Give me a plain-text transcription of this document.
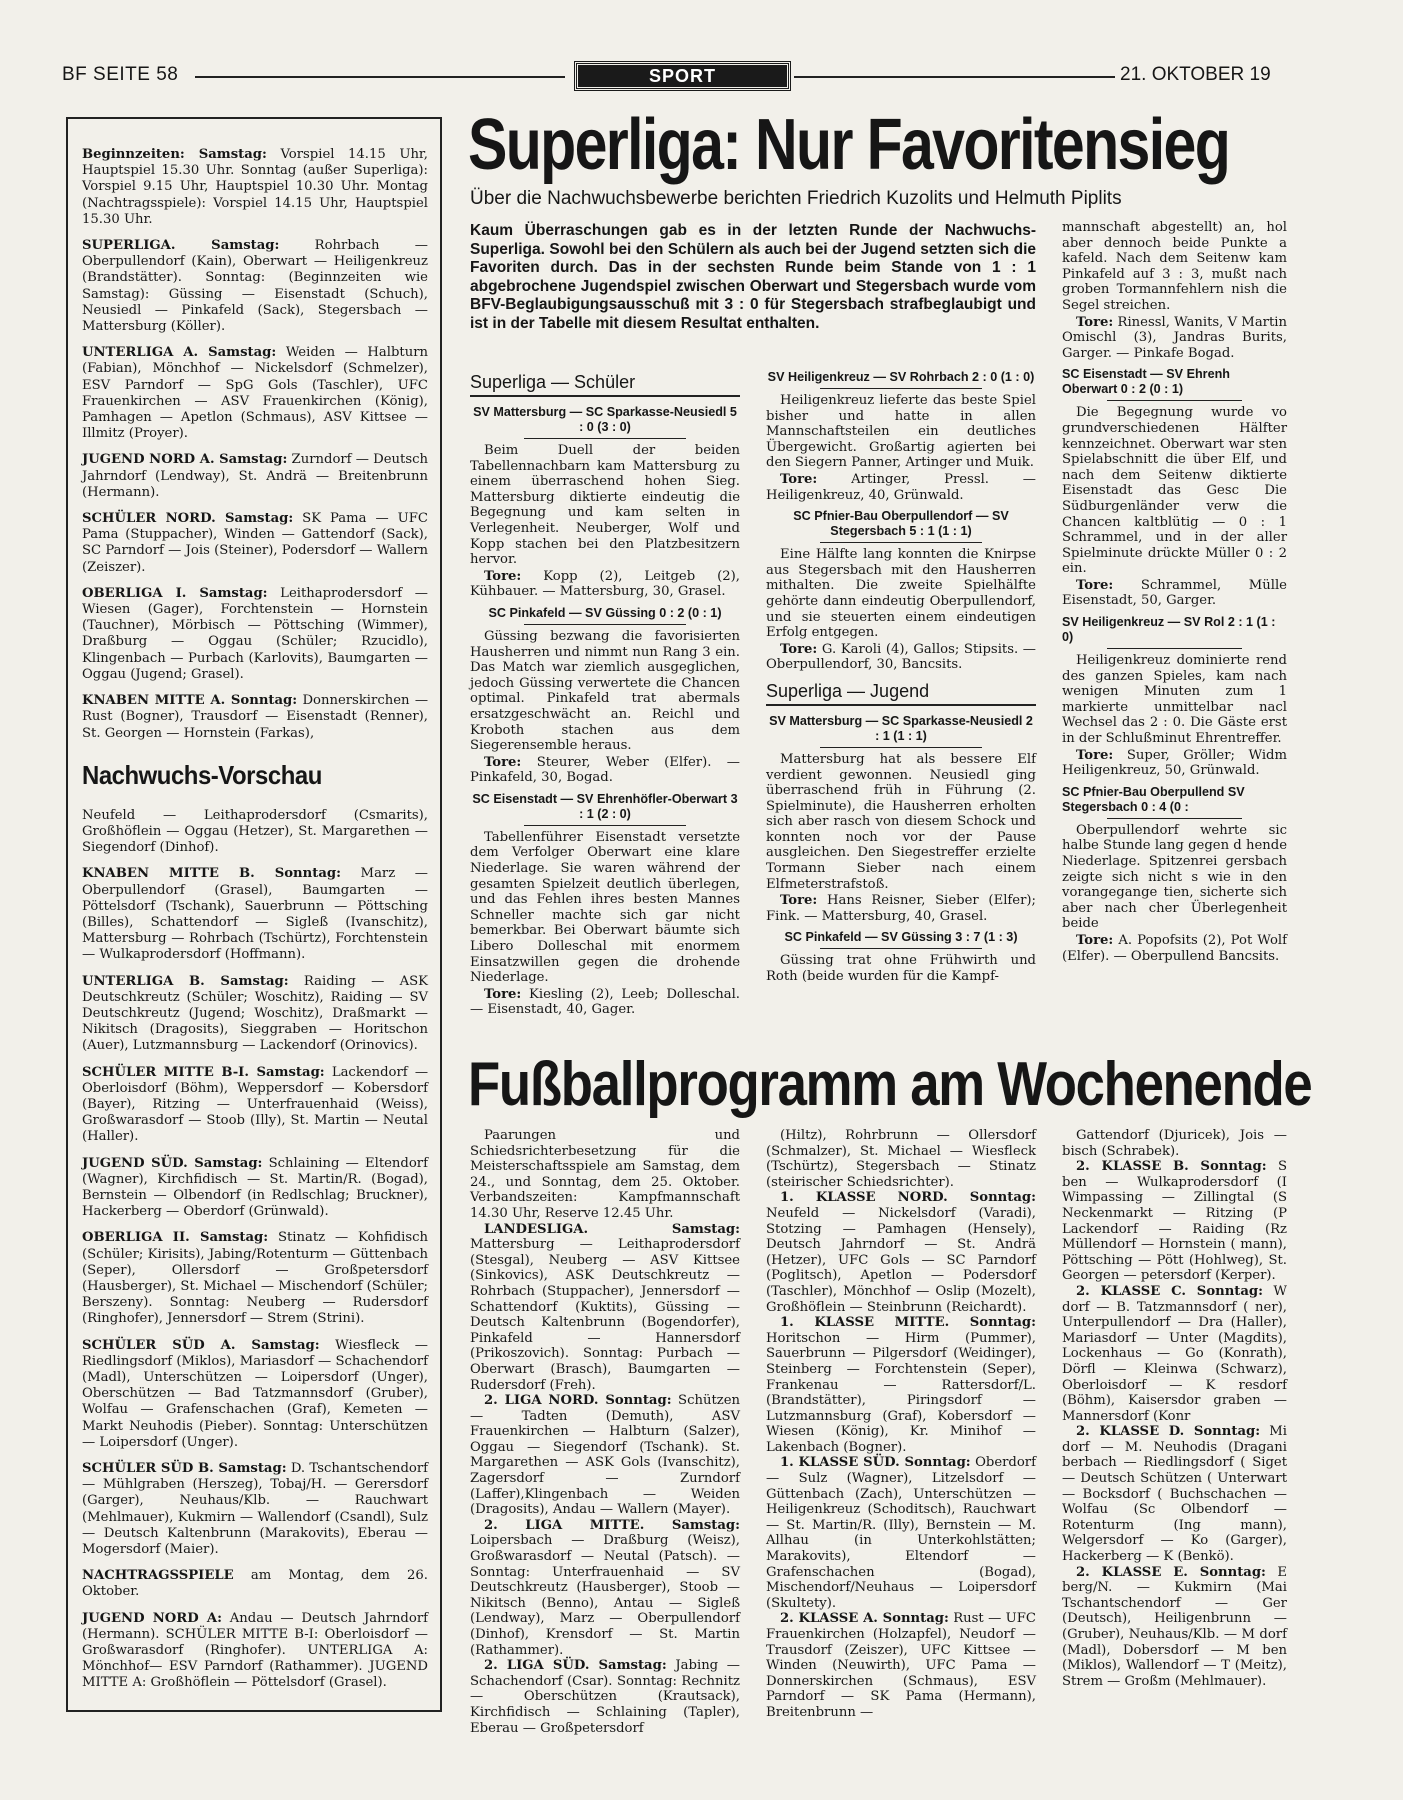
BF SEITE 58	SPORT	21. OKTOBER 19

Beginnzeiten: Samstag: Vorspiel 14.15 Uhr, Hauptspiel 15.30 Uhr. Sonntag (außer Superliga): Vorspiel 9.15 Uhr, Hauptspiel 10.30 Uhr. Montag (Nachtragsspiele): Vorspiel 14.15 Uhr, Hauptspiel 15.30 Uhr.

SUPERLIGA. Samstag: Rohrbach — Oberpullendorf (Kain), Oberwart — Heiligenkreuz (Brandstätter). Sonntag: (Beginnzeiten wie Samstag): Güssing — Eisenstadt (Schuch), Neusiedl — Pinkafeld (Sack), Stegersbach — Mattersburg (Köller).

UNTERLIGA A. Samstag: Weiden — Halbturn (Fabian), Mönchhof — Nickelsdorf (Schmelzer), ESV Parndorf — SpG Gols (Taschler), UFC Frauenkirchen — ASV Frauenkirchen (König), Pamhagen — Apetlon (Schmaus), ASV Kittsee — Illmitz (Proyer).

JUGEND NORD A. Samstag: Zurndorf — Deutsch Jahrndorf (Lendway), St. Andrä — Breitenbrunn (Hermann).

SCHÜLER NORD. Samstag: SK Pama — UFC Pama (Stuppacher), Winden — Gattendorf (Sack), SC Parndorf — Jois (Steiner), Podersdorf — Wallern (Zeiszer).

OBERLIGA I. Samstag: Leithaprodersdorf — Wiesen (Gager), Forchtenstein — Hornstein (Tauchner), Mörbisch — Pöttsching (Wimmer), Draßburg — Oggau (Schüler; Rzucidlo), Klingenbach — Purbach (Karlovits), Baumgarten — Oggau (Jugend; Grasel).

KNABEN MITTE A. Sonntag: Donnerskirchen — Rust (Bogner), Trausdorf — Eisenstadt (Renner), St. Georgen — Hornstein (Farkas),

Nachwuchs-Vorschau

Neufeld — Leithaprodersdorf (Csmarits), Großhöflein — Oggau (Hetzer), St. Margarethen — Siegendorf (Dinhof).

KNABEN MITTE B. Sonntag: Marz — Oberpullendorf (Grasel), Baumgarten — Pöttelsdorf (Tschank), Sauerbrunn — Pöttsching (Billes), Schattendorf — Sigleß (Ivanschitz), Mattersburg — Rohrbach (Tschürtz), Forchtenstein — Wulkaprodersdorf (Hoffmann).

UNTERLIGA B. Samstag: Raiding — ASK Deutschkreutz (Schüler; Woschitz), Raiding — SV Deutschkreutz (Jugend; Woschitz), Draßmarkt — Nikitsch (Dragosits), Sieggraben — Horitschon (Auer), Lutzmannsburg — Lackendorf (Orinovics).

SCHÜLER MITTE B-I. Samstag: Lackendorf — Oberloisdorf (Böhm), Weppersdorf — Kobersdorf (Bayer), Ritzing — Unterfrauenhaid (Weiss), Großwarasdorf — Stoob (Illy), St. Martin — Neutal (Haller).

JUGEND SÜD. Samstag: Schlaining — Eltendorf (Wagner), Kirchfidisch — St. Martin/R. (Bogad), Bernstein — Olbendorf (in Redlschlag; Bruckner), Hackerberg — Oberdorf (Grünwald).

OBERLIGA II. Samstag: Stinatz — Kohfidisch (Schüler; Kirisits), Jabing/Rotenturm — Güttenbach (Seper), Ollersdorf — Großpetersdorf (Hausberger), St. Michael — Mischendorf (Schüler; Berszeny). Sonntag: Neuberg — Rudersdorf (Ringhofer), Jennersdorf — Strem (Strini).

SCHÜLER SÜD A. Samstag: Wiesfleck — Riedlingsdorf (Miklos), Mariasdorf — Schachendorf (Madl), Unterschützen — Loipersdorf (Unger), Oberschützen — Bad Tatzmannsdorf (Gruber), Wolfau — Grafenschachen (Graf), Kemeten — Markt Neuhodis (Pieber). Sonntag: Unterschützen — Loipersdorf (Unger).

SCHÜLER SÜD B. Samstag: D. Tschantschendorf — Mühlgraben (Herszeg), Tobaj/H. — Gerersdorf (Garger), Neuhaus/Klb. — Rauchwart (Mehlmauer), Kukmirn — Wallendorf (Csandl), Sulz — Deutsch Kaltenbrunn (Marakovits), Eberau — Mogersdorf (Maier).

NACHTRAGSSPIELE am Montag, dem 26. Oktober.

JUGEND NORD A: Andau — Deutsch Jahrndorf (Hermann). SCHÜLER MITTE B-I: Oberloisdorf — Großwarasdorf (Ringhofer). UNTERLIGA A: Mönchhof— ESV Parndorf (Rathammer). JUGEND MITTE A: Großhöflein — Pöttelsdorf (Grasel).

Superliga: Nur Favoritensieg
Über die Nachwuchsbewerbe berichten Friedrich Kuzolits und Helmuth Piplits
Kaum Überraschungen gab es in der letzten Runde der Nachwuchs-Superliga. Sowohl bei den Schülern als auch bei der Jugend setzten sich die Favoriten durch. Das in der sechsten Runde beim Stande von 1 : 1 abgebrochene Jugendspiel zwischen Oberwart und Stegersbach wurde vom BFV-Beglaubigungsausschuß mit 3 : 0 für Stegersbach strafbeglaubigt und ist in der Tabelle mit diesem Resultat enthalten.
Superliga — Schüler
SV Mattersburg — SC Sparkasse-Neusiedl 5 : 0 (3 : 0)
Beim Duell der beiden Tabellennachbarn kam Mattersburg zu einem überraschend hohen Sieg. Mattersburg diktierte eindeutig die Begegnung und kam selten in Verlegenheit. Neuberger, Wolf und Kopp stachen bei den Platzbesitzern hervor.
Tore: Kopp (2), Leitgeb (2), Kühbauer. — Mattersburg, 30, Grasel.
SC Pinkafeld — SV Güssing 0 : 2 (0 : 1)
Güssing bezwang die favorisierten Hausherren und nimmt nun Rang 3 ein. Das Match war ziemlich ausgeglichen, jedoch Güssing verwertete die Chancen optimal. Pinkafeld trat abermals ersatzgeschwächt an. Reichl und Kroboth stachen aus dem Siegerensemble heraus.
Tore: Steurer, Weber (Elfer). — Pinkafeld, 30, Bogad.
SC Eisenstadt — SV Ehrenhöfler-Oberwart 3 : 1 (2 : 0)
Tabellenführer Eisenstadt versetzte dem Verfolger Oberwart eine klare Niederlage. Sie waren während der gesamten Spielzeit deutlich überlegen, und das Fehlen ihres besten Mannes Schneller machte sich gar nicht bemerkbar. Bei Oberwart bäumte sich Libero Dolleschal mit enormem Einsatzwillen gegen die drohende Niederlage.
Tore: Kiesling (2), Leeb; Dolleschal. — Eisenstadt, 40, Gager.
SV Heiligenkreuz — SV Rohrbach 2 : 0 (1 : 0)
Heiligenkreuz lieferte das beste Spiel bisher und hatte in allen Mannschaftsteilen ein deutliches Übergewicht. Großartig agierten bei den Siegern Panner, Artinger und Muik.
Tore: Artinger, Pressl. — Heiligenkreuz, 40, Grünwald.
SC Pfnier-Bau Oberpullendorf — SV Stegersbach 5 : 1 (1 : 1)
Eine Hälfte lang konnten die Knirpse aus Stegersbach mit den Hausherren mithalten. Die zweite Spielhälfte gehörte dann eindeutig Oberpullendorf, und sie steuerten einem eindeutigen Erfolg entgegen.
Tore: G. Karoli (4), Gallos; Stipsits. — Oberpullendorf, 30, Bancsits.
Superliga — Jugend
SV Mattersburg — SC Sparkasse-Neusiedl 2 : 1 (1 : 1)
Mattersburg hat als bessere Elf verdient gewonnen. Neusiedl ging überraschend früh in Führung (2. Spielminute), die Hausherren erholten sich aber rasch von diesem Schock und konnten noch vor der Pause ausgleichen. Den Siegestreffer erzielte Tormann Sieber nach einem Elfmeterstrafstoß.
Tore: Hans Reisner, Sieber (Elfer); Fink. — Mattersburg, 40, Grasel.
SC Pinkafeld — SV Güssing 3 : 7 (1 : 3)
Güssing trat ohne Frühwirth und Roth (beide wurden für die Kampf-
mannschaft abgestellt) an, hol aber dennoch beide Punkte a kafeld. Nach dem Seitenw kam Pinkafeld auf 3 : 3, mußt nach groben Tormannfehlern nish die Segel streichen.
Tore: Rinessl, Wanits, V Martin Omischl (3), Jandras Burits, Garger. — Pinkafe Bogad.
SC Eisenstadt — SV Ehrenh Oberwart 0 : 2 (0 : 1)
Die Begegnung wurde vo grundverschiedenen Hälfter kennzeichnet. Oberwart war sten Spielabschnitt die über Elf, und nach dem Seitenw diktierte Eisenstadt das Gesc Die Südburgenländer verw die Chancen kaltblütig — 0 : 1 Schrammel, und in der aller Spielminute drückte Müller 0 : 2 ein.
Tore: Schrammel, Mülle Eisenstadt, 50, Garger.
SV Heiligenkreuz — SV Rol 2 : 1 (1 : 0)
Heiligenkreuz dominierte rend des ganzen Spieles, kam nach wenigen Minuten zum 1 markierte unmittelbar nacl Wechsel das 2 : 0. Die Gäste erst in der Schlußminut Ehrentreffer.
Tore: Super, Gröller; Widm Heiligenkreuz, 50, Grünwald.
SC Pfnier-Bau Oberpullend SV Stegersbach 0 : 4 (0 :
Oberpullendorf wehrte sic halbe Stunde lang gegen d hende Niederlage. Spitzenrei gersbach zeigte sich nicht s wie in den vorangegange tien, sicherte sich aber nach cher Überlegenheit beide
Tore: A. Popofsits (2), Pot Wolf (Elfer). — Oberpullend Bancsits.
Fußballprogramm am Wochenende

Paarungen und Schiedsrichterbesetzung für die Meisterschaftsspiele am Samstag, dem 24., und Sonntag, dem 25. Oktober. Verbandszeiten: Kampfmannschaft 14.30 Uhr, Reserve 12.45 Uhr.

LANDESLIGA. Samstag: Mattersburg — Leithaprodersdorf (Stesgal), Neuberg — ASV Kittsee (Sinkovics), ASK Deutschkreutz — Rohrbach (Stuppacher), Jennersdorf — Schattendorf (Kuktits), Güssing — Deutsch Kaltenbrunn (Bogendorfer), Pinkafeld — Hannersdorf (Prikoszovich). Sonntag: Purbach — Oberwart (Brasch), Baumgarten — Rudersdorf (Freh).

2. LIGA NORD. Sonntag: Schützen — Tadten (Demuth), ASV Frauenkirchen — Halbturn (Salzer), Oggau — Siegendorf (Tschank). St. Margarethen — ASK Gols (Ivanschitz), Zagersdorf — Zurndorf (Laffer),Klingenbach — Weiden (Dragosits), Andau — Wallern (Mayer).

2. LIGA MITTE. Samstag: Loipersbach — Draßburg (Weisz), Großwarasdorf — Neutal (Patsch). — Sonntag: Unterfrauenhaid — SV Deutschkreutz (Hausberger), Stoob — Nikitsch (Benno), Antau — Sigleß (Lendway), Marz — Oberpullendorf (Dinhof), Krensdorf — St. Martin (Rathammer).

2. LIGA SÜD. Samstag: Jabing — Schachendorf (Csar). Sonntag: Rechnitz — Oberschützen (Krautsack), Kirchfidisch — Schlaining (Tapler), Eberau — Großpetersdorf

(Hiltz), Rohrbrunn — Ollersdorf (Schmalzer), St. Michael — Wiesfleck (Tschürtz), Stegersbach — Stinatz (steirischer Schiedsrichter).

1. KLASSE NORD. Sonntag: Neufeld — Nickelsdorf (Varadi), Stotzing — Pamhagen (Hensely), Deutsch Jahrndorf — St. Andrä (Hetzer), UFC Gols — SC Parndorf (Poglitsch), Apetlon — Podersdorf (Taschler), Mönchhof — Oslip (Mozelt), Großhöflein — Steinbrunn (Reichardt).

1. KLASSE MITTE. Sonntag: Horitschon — Hirm (Pummer), Sauerbrunn — Pilgersdorf (Weidinger), Steinberg — Forchtenstein (Seper), Frankenau — Rattersdorf/L. (Brandstätter), Piringsdorf — Lutzmannsburg (Graf), Kobersdorf — Wiesen (König), Kr. Minihof — Lakenbach (Bogner).

1. KLASSE SÜD. Sonntag: Oberdorf — Sulz (Wagner), Litzelsdorf — Güttenbach (Zach), Unterschützen — Heiligenkreuz (Schoditsch), Rauchwart — St. Martin/R. (Illy), Bernstein — M. Allhau (in Unterkohlstätten; Marakovits), Eltendorf — Grafenschachen (Bogad), Mischendorf/Neuhaus — Loipersdorf (Skultety).

2. KLASSE A. Sonntag: Rust — UFC Frauenkirchen (Holzapfel), Neudorf — Trausdorf (Zeiszer), UFC Kittsee — Winden (Neuwirth), UFC Pama — Donnerskirchen (Schmaus), ESV Parndorf — SK Pama (Hermann), Breitenbrunn —

Gattendorf (Djuricek), Jois — bisch (Schrabek).

2. KLASSE B. Sonntag: S ben — Wulkaprodersdorf (I Wimpassing — Zillingtal (S Neckenmarkt — Ritzing (P Lackendorf — Raiding (Rz Müllendorf — Hornstein ( mann), Pöttsching — Pött (Hohlweg), St. Georgen — petersdorf (Kerper).

2. KLASSE C. Sonntag: W dorf — B. Tatzmannsdorf ( ner), Unterpullendorf — Dra (Haller), Mariasdorf — Unter (Magdits), Lockenhaus — Go (Konrath), Dörfl — Kleinwa (Schwarz), Oberloisdorf — K resdorf (Böhm), Kaisersdor graben —Mannersdorf (Konr

2. KLASSE D. Sonntag: Mi dorf — M. Neuhodis (Dragani berbach — Riedlingsdorf ( Siget — Deutsch Schützen ( Unterwart — Bocksdorf ( Buchschachen — Wolfau (Sc Olbendorf — Rotenturm (Ing mann), Welgersdorf — Ko (Garger), Hackerberg — K (Benkö).

2. KLASSE E. Sonntag: E berg/N. — Kukmirn (Mai Tschantschendorf — Ger (Deutsch), Heiligenbrunn — (Gruber), Neuhaus/Klb. — M dorf (Madl), Dobersdorf — M ben (Miklos), Wallendorf — T (Meitz), Strem — Großm (Mehlmauer).
